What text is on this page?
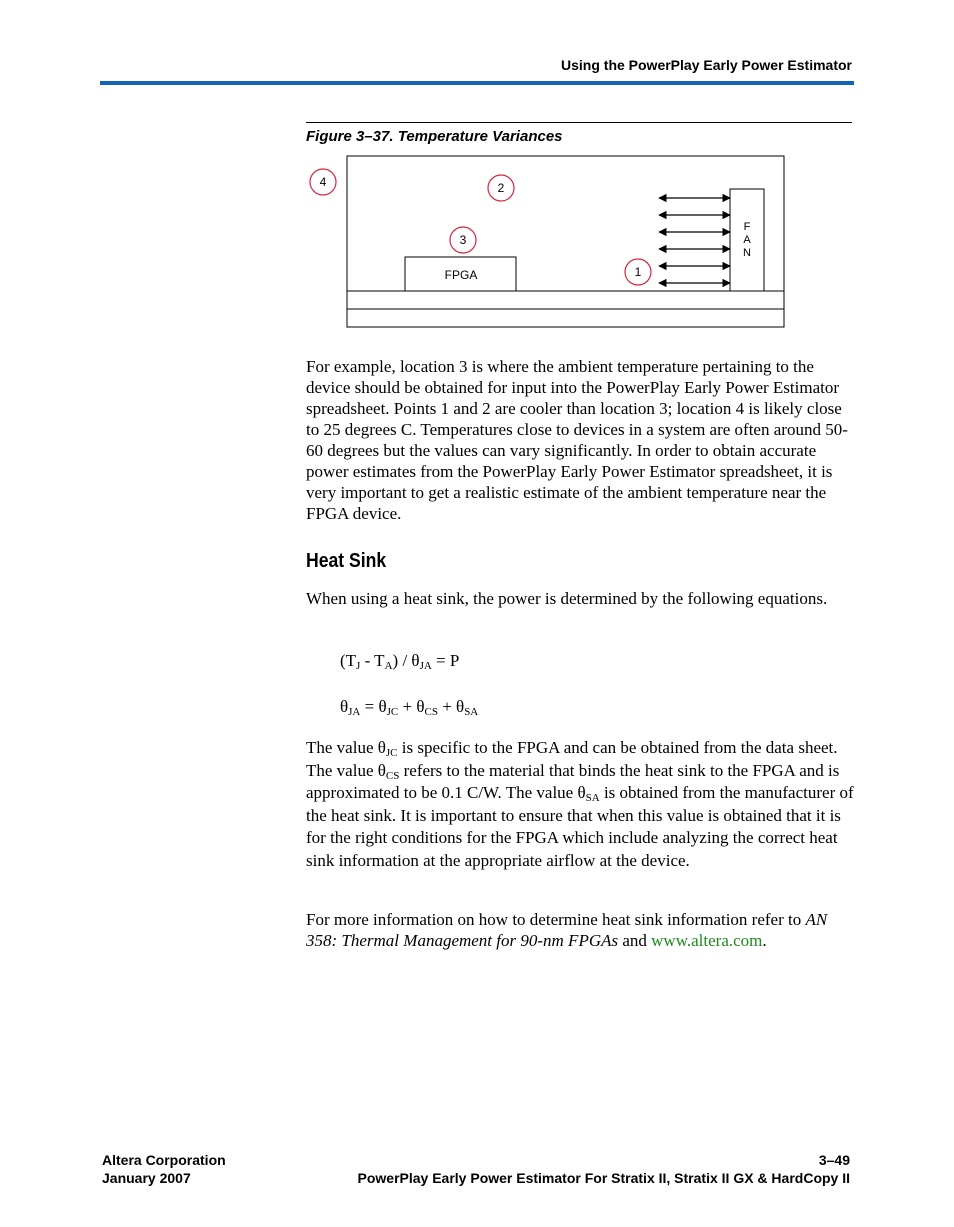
Using the PowerPlay Early Power Estimator
Figure 3–37. Temperature Variances
FPGA
F
A
N
1
2
3
4
For example, location 3 is where the ambient temperature pertaining to the device should be obtained for input into the PowerPlay Early Power Estimator spreadsheet. Points 1 and 2 are cooler than location 3; location 4 is likely close to 25 degrees C. Temperatures close to devices in a system are often around 50-60 degrees but the values can vary significantly. In order to obtain accurate power estimates from the PowerPlay Early Power Estimator spreadsheet, it is very important to get a realistic estimate of the ambient temperature near the FPGA device.
Heat Sink
When using a heat sink, the power is determined by the following equations.
$(T_J - T_A) / \theta_{JA} = P$
$\theta_{JA} = \theta_{JC} + \theta_{CS} + \theta_{SA}$
The value $\theta_{JC}$ is specific to the FPGA and can be obtained from the data sheet. The value $\theta_{CS}$ refers to the material that binds the heat sink to the FPGA and is approximated to be 0.1 C/W. The value $\theta_{SA}$ is obtained from the manufacturer of the heat sink. It is important to ensure that when this value is obtained that it is for the right conditions for the FPGA which include analyzing the correct heat sink information at the appropriate airflow at the device.
For more information on how to determine heat sink information refer to AN 358: Thermal Management for 90-nm FPGAs and www.altera.com.
Altera Corporation
January 2007
3–49
PowerPlay Early Power Estimator For Stratix II, Stratix II GX & HardCopy II
